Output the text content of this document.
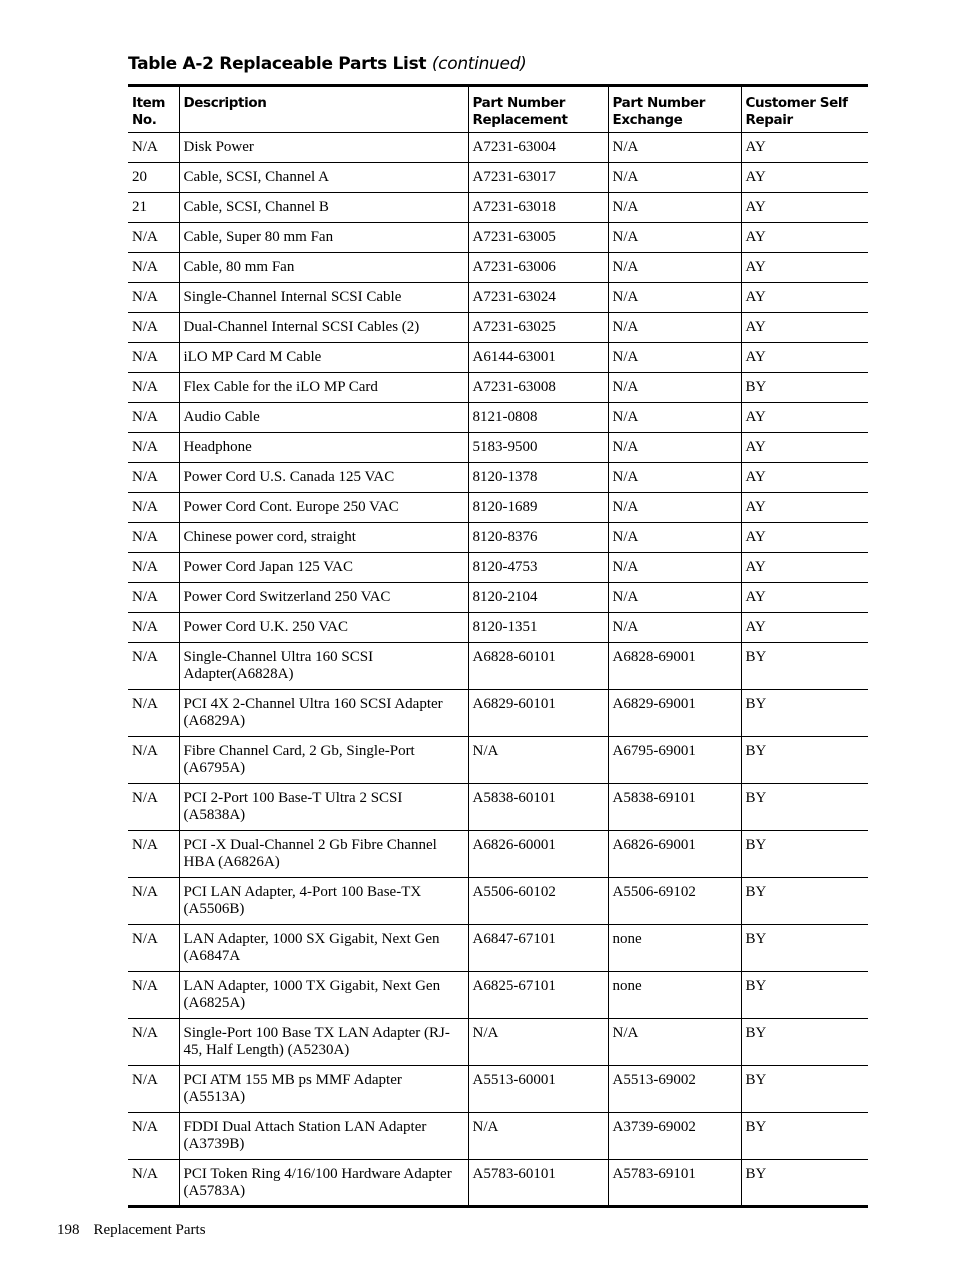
Table A-2 Replaceable Parts List (continued)
Item No.	Description	Part Number Replacement	Part Number Exchange	Customer Self Repair
N/A	Disk Power	A7231-63004	N/A	AY
20	Cable, SCSI, Channel A	A7231-63017	N/A	AY
21	Cable, SCSI, Channel B	A7231-63018	N/A	AY
N/A	Cable, Super 80 mm Fan	A7231-63005	N/A	AY
N/A	Cable, 80 mm Fan	A7231-63006	N/A	AY
N/A	Single-Channel Internal SCSI Cable	A7231-63024	N/A	AY
N/A	Dual-Channel Internal SCSI Cables (2)	A7231-63025	N/A	AY
N/A	iLO MP Card M Cable	A6144-63001	N/A	AY
N/A	Flex Cable for the iLO MP Card	A7231-63008	N/A	BY
N/A	Audio Cable	8121-0808	N/A	AY
N/A	Headphone	5183-9500	N/A	AY
N/A	Power Cord U.S. Canada 125 VAC	8120-1378	N/A	AY
N/A	Power Cord Cont. Europe 250 VAC	8120-1689	N/A	AY
N/A	Chinese power cord, straight	8120-8376	N/A	AY
N/A	Power Cord Japan 125 VAC	8120-4753	N/A	AY
N/A	Power Cord Switzerland 250 VAC	8120-2104	N/A	AY
N/A	Power Cord U.K. 250 VAC	8120-1351	N/A	AY
N/A	Single-Channel Ultra 160 SCSI Adapter(A6828A)	A6828-60101	A6828-69001	BY
N/A	PCI 4X 2-Channel Ultra 160 SCSI Adapter (A6829A)	A6829-60101	A6829-69001	BY
N/A	Fibre Channel Card, 2 Gb, Single-Port (A6795A)	N/A	A6795-69001	BY
N/A	PCI 2-Port 100 Base-T Ultra 2 SCSI (A5838A)	A5838-60101	A5838-69101	BY
N/A	PCI -X Dual-Channel 2 Gb Fibre Channel HBA (A6826A)	A6826-60001	A6826-69001	BY
N/A	PCI LAN Adapter, 4-Port 100 Base-TX (A5506B)	A5506-60102	A5506-69102	BY
N/A	LAN Adapter, 1000 SX Gigabit, Next Gen (A6847A	A6847-67101	none	BY
N/A	LAN Adapter, 1000 TX Gigabit, Next Gen (A6825A)	A6825-67101	none	BY
N/A	Single-Port 100 Base TX LAN Adapter (RJ-45, Half Length) (A5230A)	N/A	N/A	BY
N/A	PCI ATM 155 MB ps MMF Adapter (A5513A)	A5513-60001	A5513-69002	BY
N/A	FDDI Dual Attach Station LAN Adapter (A3739B)	N/A	A3739-69002	BY
N/A	PCI Token Ring 4/16/100 Hardware Adapter (A5783A)	A5783-60101	A5783-69101	BY
198 Replacement Parts
